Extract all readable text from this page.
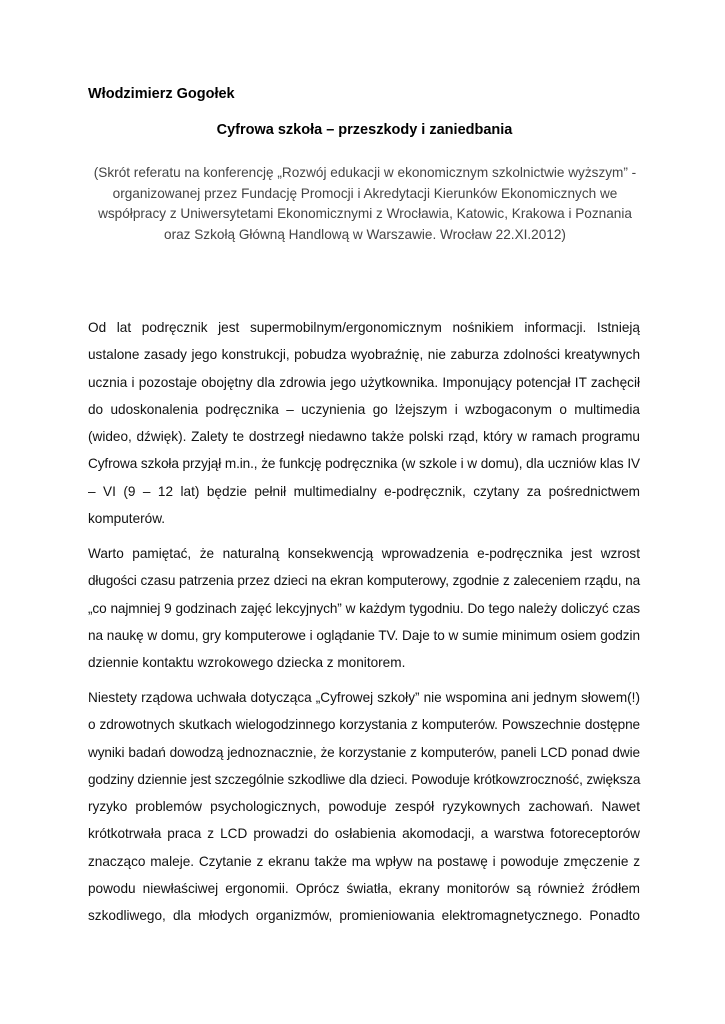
Włodzimierz Gogołek

Cyfrowa szkoła – przeszkody i zaniedbania

(Skrót referatu na konferencję „Rozwój edukacji w ekonomicznym szkolnictwie wyższym” -
organizowanej przez Fundację Promocji i Akredytacji Kierunków Ekonomicznych we
współpracy z Uniwersytetami Ekonomicznymi z Wrocławia, Katowic, Krakowa i Poznania
oraz Szkołą Główną Handlową w Warszawie. Wrocław 22.XI.2012)

Od lat podręcznik jest supermobilnym/ergonomicznym nośnikiem informacji. Istnieją
ustalone zasady jego konstrukcji, pobudza wyobraźnię, nie zaburza zdolności kreatywnych
ucznia i pozostaje obojętny dla zdrowia jego użytkownika. Imponujący potencjał IT zachęcił
do udoskonalenia podręcznika – uczynienia go lżejszym i wzbogaconym o multimedia
(wideo, dźwięk). Zalety te dostrzegł niedawno także polski rząd, który w ramach programu
Cyfrowa szkoła przyjął m.in., że funkcję podręcznika (w szkole i w domu), dla uczniów klas IV
– VI (9 – 12 lat) będzie pełnił multimedialny e-podręcznik, czytany za pośrednictwem
komputerów.
Warto pamiętać, że naturalną konsekwencją wprowadzenia e-podręcznika jest wzrost
długości czasu patrzenia przez dzieci na ekran komputerowy, zgodnie z zaleceniem rządu, na
„co najmniej 9 godzinach zajęć lekcyjnych” w każdym tygodniu. Do tego należy doliczyć czas
na naukę w domu, gry komputerowe i oglądanie TV. Daje to w sumie minimum osiem godzin
dziennie kontaktu wzrokowego dziecka z monitorem.
Niestety rządowa uchwała dotycząca „Cyfrowej szkoły” nie wspomina ani jednym słowem(!)
o zdrowotnych skutkach wielogodzinnego korzystania z komputerów. Powszechnie dostępne
wyniki badań dowodzą jednoznacznie, że korzystanie z komputerów, paneli LCD ponad dwie
godziny dziennie jest szczególnie szkodliwe dla dzieci. Powoduje krótkowzroczność, zwiększa
ryzyko problemów psychologicznych, powoduje zespół ryzykownych zachowań. Nawet
krótkotrwała praca z LCD prowadzi do osłabienia akomodacji, a warstwa fotoreceptorów
znacząco maleje. Czytanie z ekranu także ma wpływ na postawę i powoduje zmęczenie z
powodu niewłaściwej ergonomii. Oprócz światła, ekrany monitorów są również źródłem
szkodliwego, dla młodych organizmów, promieniowania elektromagnetycznego. Ponadto
